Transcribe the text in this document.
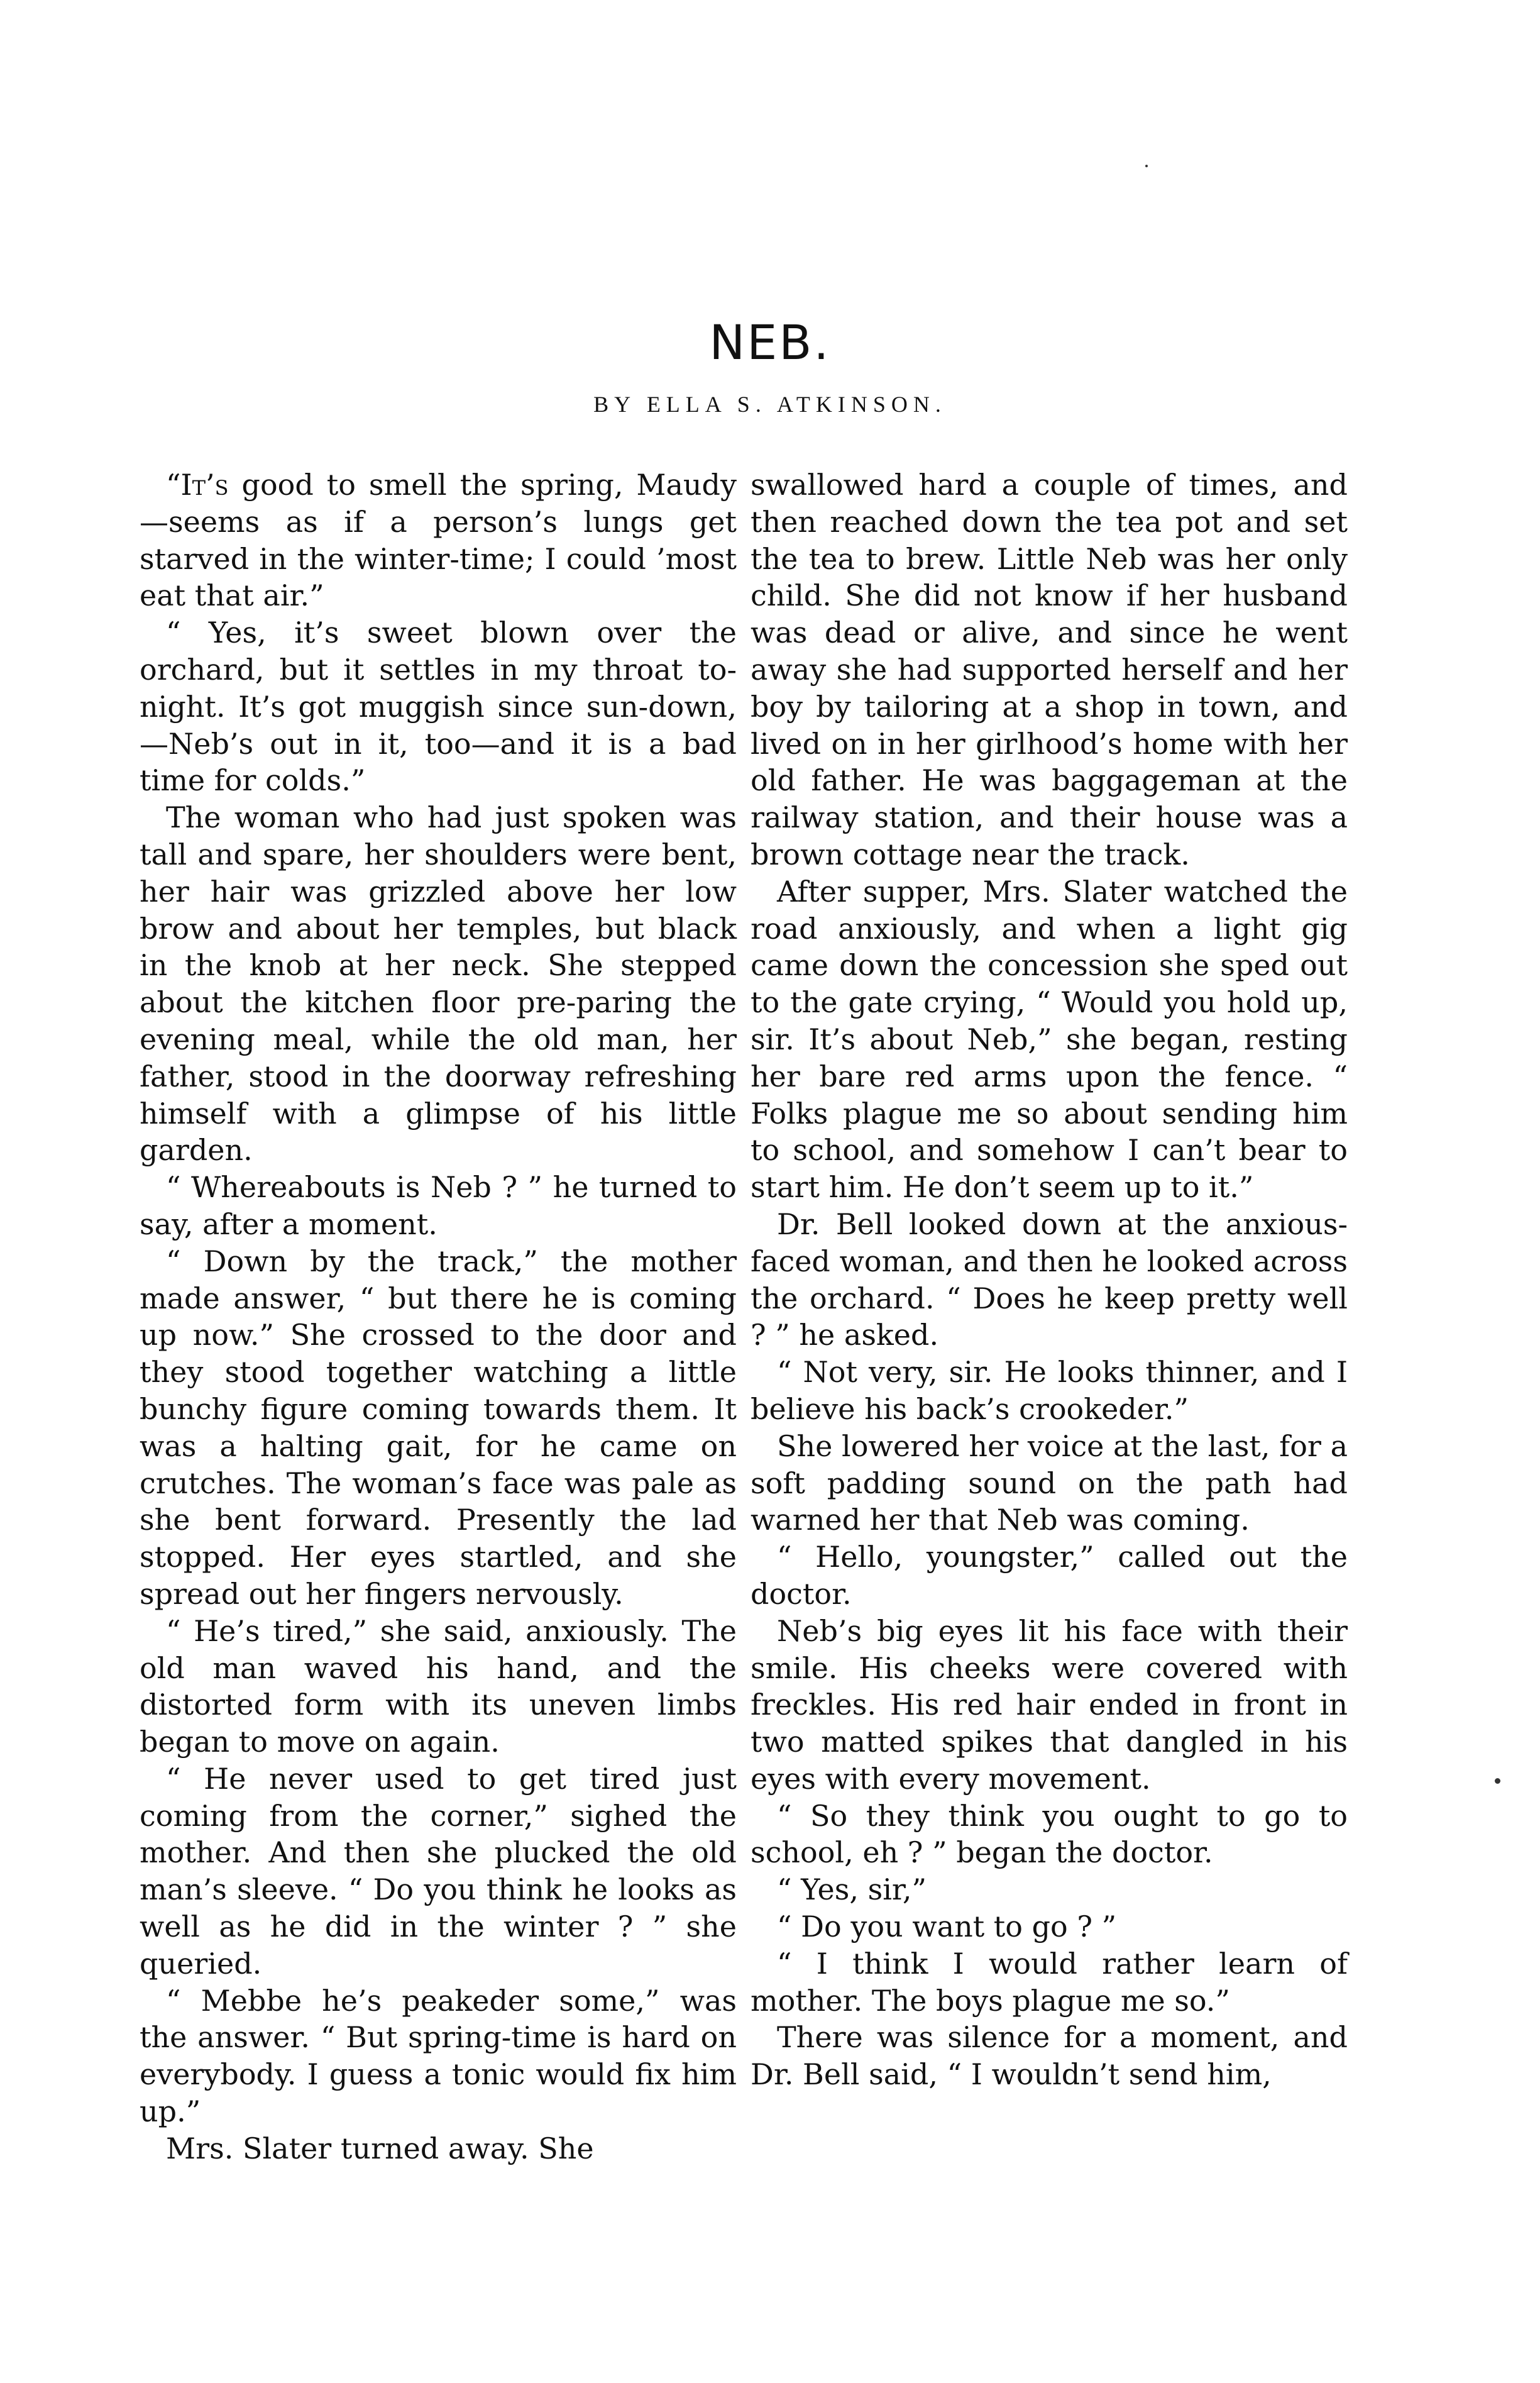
NEB.
BY ELLA S. ATKINSON.

“It’s good to smell the spring, Maudy —seems as if a person’s lungs get starved in the winter-time; I could ’most eat that air.”

“ Yes, it’s sweet blown over the orchard, but it settles in my throat to-night. It’s got muggish since sun-down,—Neb’s out in it, too—and it is a bad time for colds.”

The woman who had just spoken was tall and spare, her shoulders were bent, her hair was grizzled above her low brow and about her temples, but black in the knob at her neck. She stepped about the kitchen floor pre-paring the evening meal, while the old man, her father, stood in the doorway refreshing himself with a glimpse of his little garden.

“ Whereabouts is Neb ? ” he turned to say, after a moment.

“ Down by the track,” the mother made answer, “ but there he is coming up now.” She crossed to the door and they stood together watching a little bunchy figure coming towards them. It was a halting gait, for he came on crutches. The woman’s face was pale as she bent forward. Presently the lad stopped. Her eyes startled, and she spread out her fingers nervously.

“ He’s tired,” she said, anxiously. The old man waved his hand, and the distorted form with its uneven limbs began to move on again.

“ He never used to get tired just coming from the corner,” sighed the mother. And then she plucked the old man’s sleeve. “ Do you think he looks as well as he did in the winter ? ” she queried.

“ Mebbe he’s peakeder some,” was the answer. “ But spring-time is hard on everybody. I guess a tonic would fix him up.”

Mrs. Slater turned away. She

swallowed hard a couple of times, and then reached down the tea pot and set the tea to brew. Little Neb was her only child. She did not know if her husband was dead or alive, and since he went away she had supported herself and her boy by tailoring at a shop in town, and lived on in her girlhood’s home with her old father. He was baggageman at the railway station, and their house was a brown cottage near the track.

After supper, Mrs. Slater watched the road anxiously, and when a light gig came down the concession she sped out to the gate crying, “ Would you hold up, sir. It’s about Neb,” she began, resting her bare red arms upon the fence. “ Folks plague me so about sending him to school, and somehow I can’t bear to start him. He don’t seem up to it.”

Dr. Bell looked down at the anxious-faced woman, and then he looked across the orchard. “ Does he keep pretty well ? ” he asked.

“ Not very, sir. He looks thinner, and I believe his back’s crookeder.”

She lowered her voice at the last, for a soft padding sound on the path had warned her that Neb was coming.

“ Hello, youngster,” called out the doctor.

Neb’s big eyes lit his face with their smile. His cheeks were covered with freckles. His red hair ended in front in two matted spikes that dangled in his eyes with every movement.

“ So they think you ought to go to school, eh ? ” began the doctor.

“ Yes, sir,”

“ Do you want to go ? ”

“ I think I would rather learn of mother. The boys plague me so.”

There was silence for a moment, and Dr. Bell said, “ I wouldn’t send him,
